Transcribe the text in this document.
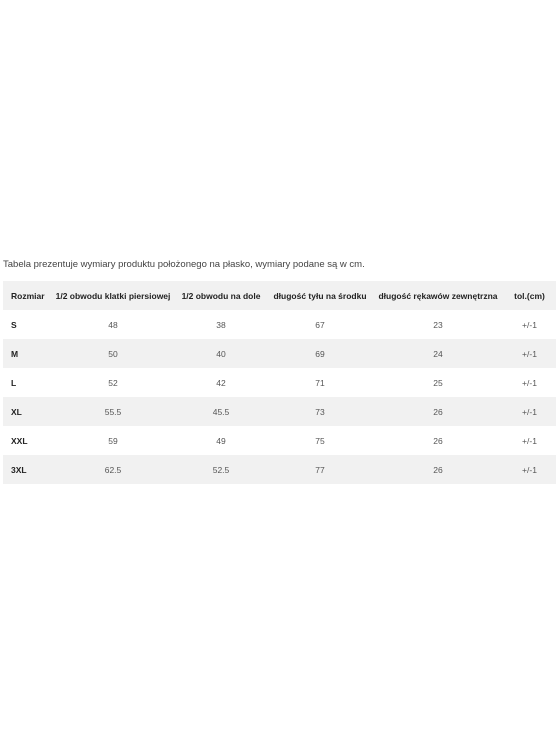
Tabela prezentuje wymiary produktu położonego na płasko, wymiary podane są w cm.
Rozmiar	1/2 obwodu klatki piersiowej	1/2 obwodu na dole	długość tyłu na środku	długość rękawów zewnętrzna	tol.(cm)
S	48	38	67	23	+/-1
M	50	40	69	24	+/-1
L	52	42	71	25	+/-1
XL	55.5	45.5	73	26	+/-1
XXL	59	49	75	26	+/-1
3XL	62.5	52.5	77	26	+/-1
